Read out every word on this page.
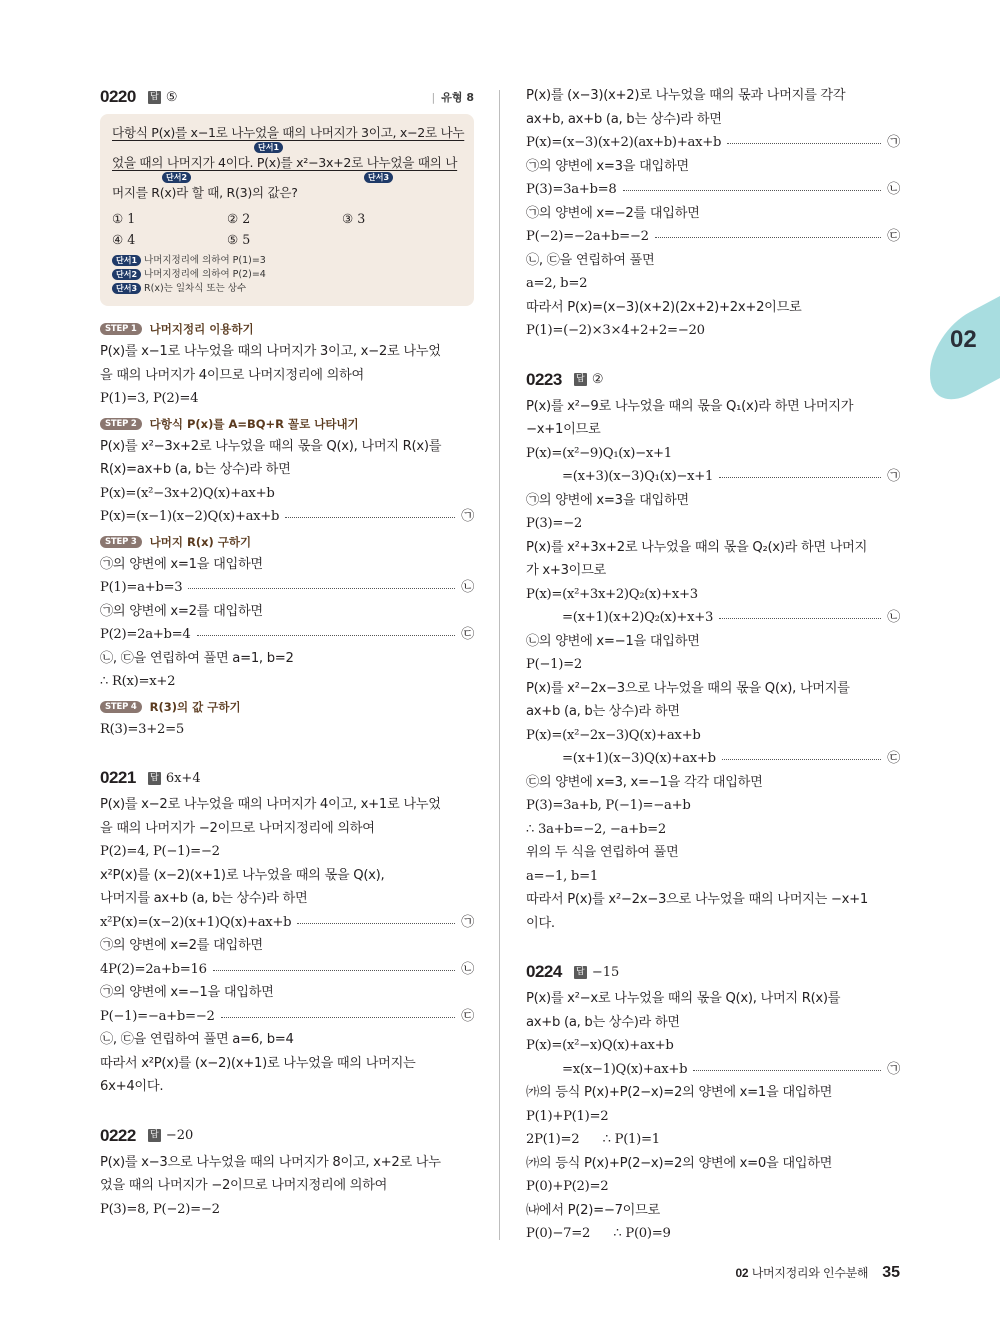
02
0220 답 ⑤	| 유형 8
다항식 P(x)를 x−1로 나누었을 때의 나머지가 3이고, x−2로 나누
단서1
었을 때의 나머지가 4이다. P(x)를 x²−3x+2로 나누었을 때의 나
단서2	단서3
머지를 R(x)라 할 때, R(3)의 값은?
① 1	② 2	③ 3
④ 4	⑤ 5
단서1 나머지정리에 의하여 P(1)=3
단서2 나머지정리에 의하여 P(2)=4
단서3 R(x)는 일차식 또는 상수
STEP 1	나머지정리 이용하기
P(x)를 x−1로 나누었을 때의 나머지가 3이고, x−2로 나누었
을 때의 나머지가 4이므로 나머지정리에 의하여
P(1)=3, P(2)=4
STEP 2	다항식 P(x)를 A=BQ+R 꼴로 나타내기
P(x)를 x²−3x+2로 나누었을 때의 몫을 Q(x), 나머지 R(x)를
R(x)=ax+b (a, b는 상수)라 하면
P(x)=(x²−3x+2)Q(x)+ax+b
P(x)=(x−1)(x−2)Q(x)+ax+b	㉠
STEP 3	나머지 R(x) 구하기
㉠의 양변에 x=1을 대입하면
P(1)=a+b=3	㉡
㉠의 양변에 x=2를 대입하면
P(2)=2a+b=4	㉢
㉡, ㉢을 연립하여 풀면 a=1, b=2
∴ R(x)=x+2
STEP 4	R(3)의 값 구하기
R(3)=3+2=5
0221 답 6x+4
P(x)를 x−2로 나누었을 때의 나머지가 4이고, x+1로 나누었
을 때의 나머지가 −2이므로 나머지정리에 의하여
P(2)=4, P(−1)=−2
x²P(x)를 (x−2)(x+1)로 나누었을 때의 몫을 Q(x),
나머지를 ax+b (a, b는 상수)라 하면
x²P(x)=(x−2)(x+1)Q(x)+ax+b	㉠
㉠의 양변에 x=2를 대입하면
4P(2)=2a+b=16	㉡
㉠의 양변에 x=−1을 대입하면
P(−1)=−a+b=−2	㉢
㉡, ㉢을 연립하여 풀면 a=6, b=4
따라서 x²P(x)를 (x−2)(x+1)로 나누었을 때의 나머지는
6x+4이다.
0222 답 −20
P(x)를 x−3으로 나누었을 때의 나머지가 8이고, x+2로 나누
었을 때의 나머지가 −2이므로 나머지정리에 의하여
P(3)=8, P(−2)=−2
P(x)를 (x−3)(x+2)로 나누었을 때의 몫과 나머지를 각각
ax+b, ax+b (a, b는 상수)라 하면
P(x)=(x−3)(x+2)(ax+b)+ax+b	㉠
㉠의 양변에 x=3을 대입하면
P(3)=3a+b=8	㉡
㉠의 양변에 x=−2를 대입하면
P(−2)=−2a+b=−2	㉢
㉡, ㉢을 연립하여 풀면
a=2, b=2
따라서 P(x)=(x−3)(x+2)(2x+2)+2x+2이므로
P(1)=(−2)×3×4+2+2=−20
0223 답 ②
P(x)를 x²−9로 나누었을 때의 몫을 Q₁(x)라 하면 나머지가
−x+1이므로
P(x)=(x²−9)Q₁(x)−x+1
=(x+3)(x−3)Q₁(x)−x+1	㉠
㉠의 양변에 x=3을 대입하면
P(3)=−2
P(x)를 x²+3x+2로 나누었을 때의 몫을 Q₂(x)라 하면 나머지
가 x+3이므로
P(x)=(x²+3x+2)Q₂(x)+x+3
=(x+1)(x+2)Q₂(x)+x+3	㉡
㉡의 양변에 x=−1을 대입하면
P(−1)=2
P(x)를 x²−2x−3으로 나누었을 때의 몫을 Q(x), 나머지를
ax+b (a, b는 상수)라 하면
P(x)=(x²−2x−3)Q(x)+ax+b
=(x+1)(x−3)Q(x)+ax+b	㉢
㉢의 양변에 x=3, x=−1을 각각 대입하면
P(3)=3a+b, P(−1)=−a+b
∴ 3a+b=−2, −a+b=2
위의 두 식을 연립하여 풀면
a=−1, b=1
따라서 P(x)를 x²−2x−3으로 나누었을 때의 나머지는 −x+1
이다.
0224 답 −15
P(x)를 x²−x로 나누었을 때의 몫을 Q(x), 나머지 R(x)를
ax+b (a, b는 상수)라 하면
P(x)=(x²−x)Q(x)+ax+b
=x(x−1)Q(x)+ax+b	㉠
㈎의 등식 P(x)+P(2−x)=2의 양변에 x=1을 대입하면
P(1)+P(1)=2
2P(1)=2      ∴ P(1)=1
㈎의 등식 P(x)+P(2−x)=2의 양변에 x=0을 대입하면
P(0)+P(2)=2
㈏에서 P(2)=−7이므로
P(0)−7=2      ∴ P(0)=9
02 나머지정리와 인수분해 35
